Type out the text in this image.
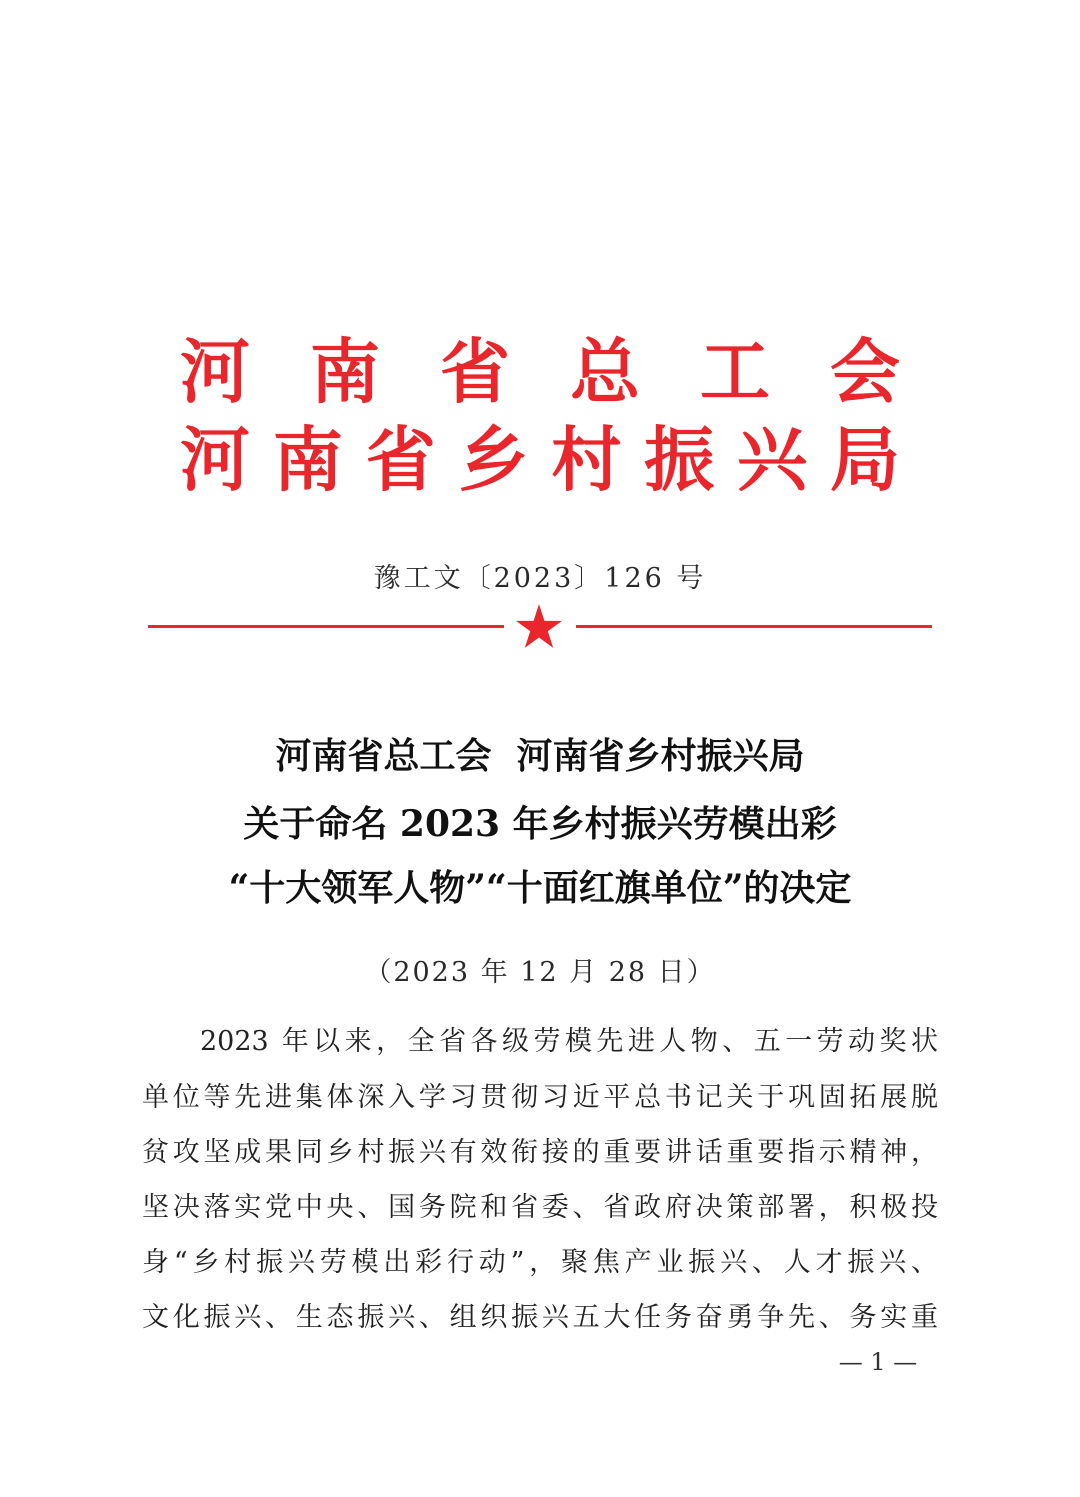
河 南 省 总 工 会
河 南 省 乡 村 振 兴 局
豫工文〔2023〕126 号
河南省总工会  河南省乡村振兴局
关于命名 2023 年乡村振兴劳模出彩
“十大领军人物”“十面红旗单位”的决定
（2023 年 12 月 28 日）
2023 年以来，全省各级劳模先进人物、五一劳动奖状
单位等先进集体深入学习贯彻习近平总书记关于巩固拓展脱
贫攻坚成果同乡村振兴有效衔接的重要讲话重要指示精神，
坚决落实党中央、国务院和省委、省政府决策部署，积极投
身“乡村振兴劳模出彩行动”，聚焦产业振兴、人才振兴、
文化振兴、生态振兴、组织振兴五大任务奋勇争先、务实重
— 1 —
